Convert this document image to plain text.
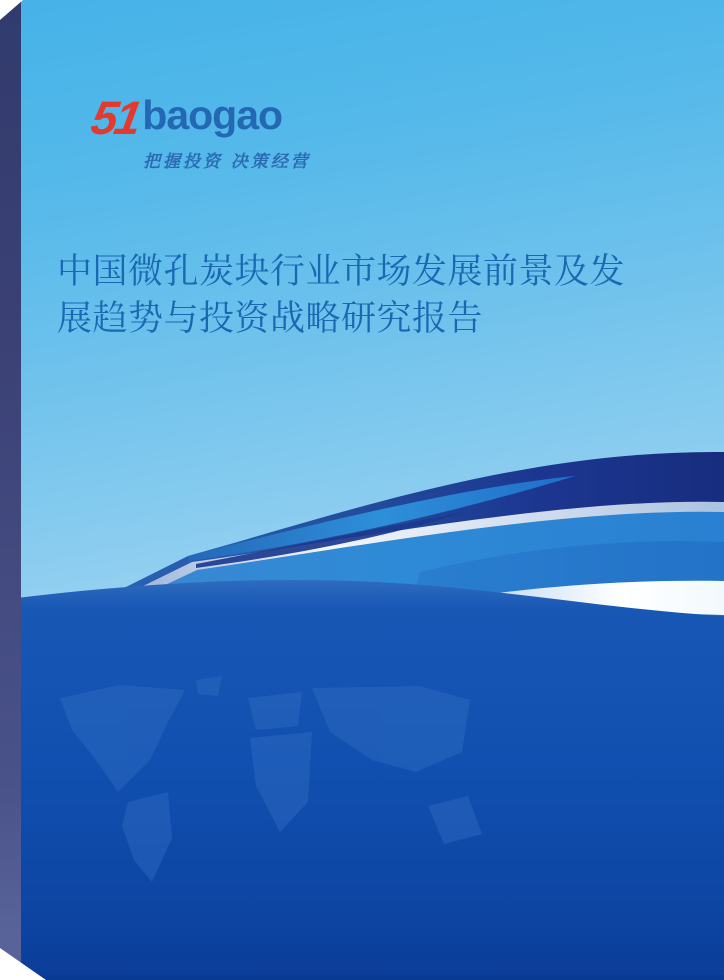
51 baogao
把握投资 决策经营
中国微孔炭块行业市场发展前景及发
展趋势与投资战略研究报告
